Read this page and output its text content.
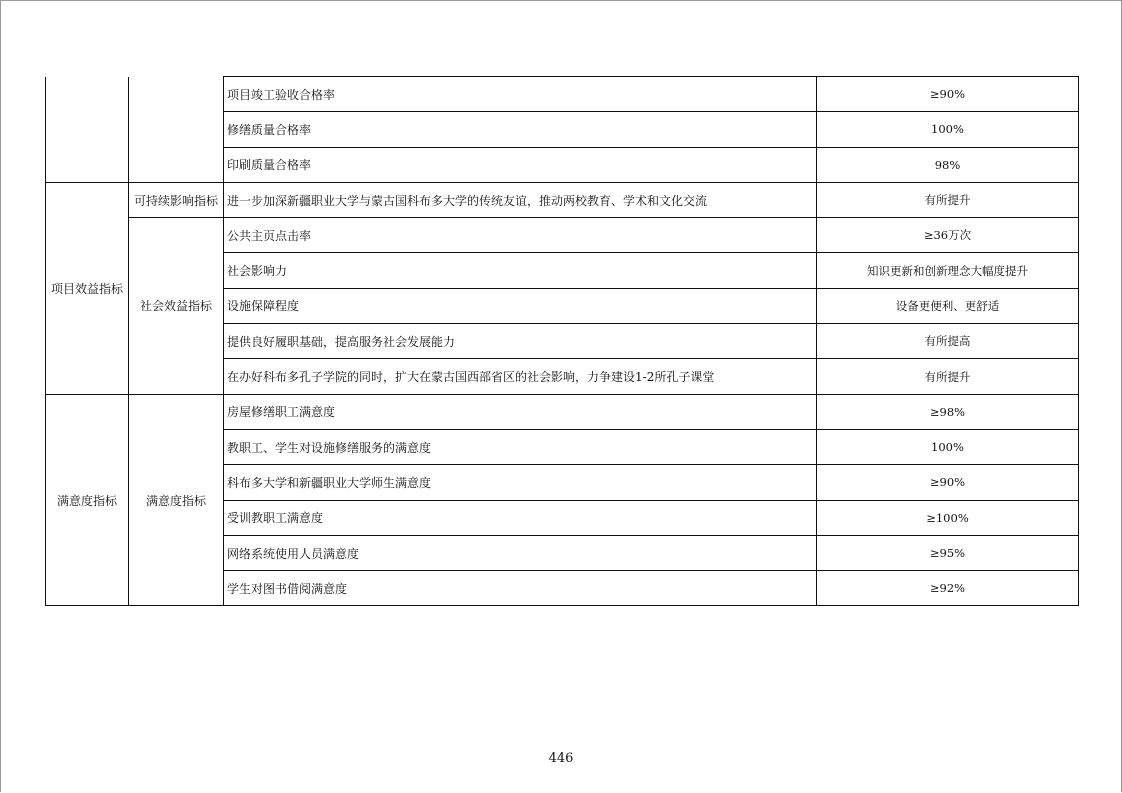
		项目竣工验收合格率	≥90%
		修缮质量合格率	100%
		印刷质量合格率	98%
项目效益指标	可持续影响指标	进一步加深新疆职业大学与蒙古国科布多大学的传统友谊，推动两校教育、学术和文化交流	有所提升
	社会效益指标	公共主页点击率	≥36万次
		社会影响力	知识更新和创新理念大幅度提升
		设施保障程度	设备更便利、更舒适
		提供良好履职基础，提高服务社会发展能力	有所提高
		在办好科布多孔子学院的同时，扩大在蒙古国西部省区的社会影响，力争建设1-2所孔子课堂	有所提升
满意度指标	满意度指标	房屋修缮职工满意度	≥98%
		教职工、学生对设施修缮服务的满意度	100%
		科布多大学和新疆职业大学师生满意度	≥90%
		受训教职工满意度	≥100%
		网络系统使用人员满意度	≥95%
		学生对图书借阅满意度	≥92%
446
